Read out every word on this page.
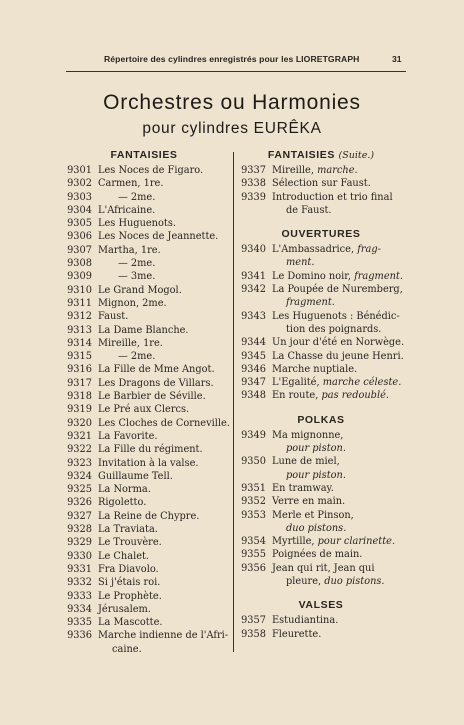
Répertoire des cylindres enregistrés pour les LIORETGRAPH	31
Orchestres ou Harmonies
pour cylindres EURÊKA
FANTAISIES
9301 Les Noces de Figaro.
9302 Carmen, 1re.
9303	— 2me.
9304 L'Africaine.
9305 Les Huguenots.
9306 Les Noces de Jeannette.
9307 Martha, 1re.
9308	— 2me.
9309	— 3me.
9310 Le Grand Mogol.
9311 Mignon, 2me.
9312 Faust.
9313 La Dame Blanche.
9314 Mireille, 1re.
9315	— 2me.
9316 La Fille de Mme Angot.
9317 Les Dragons de Villars.
9318 Le Barbier de Séville.
9319 Le Pré aux Clercs.
9320 Les Cloches de Corneville.
9321 La Favorite.
9322 La Fille du régiment.
9323 Invitation à la valse.
9324 Guillaume Tell.
9325 La Norma.
9326 Rigoletto.
9327 La Reine de Chypre.
9328 La Traviata.
9329 Le Trouvère.
9330 Le Chalet.
9331 Fra Diavolo.
9332 Si j'étais roi.
9333 Le Prophète.
9334 Jérusalem.
9335 La Mascotte.
9336 Marche indienne de l'Afri-
caine.
FANTAISIES (Suite.)
9337 Mireille, marche.
9338 Sélection sur Faust.
9339 Introduction et trio final
de Faust.
OUVERTURES
9340 L'Ambassadrice, frag-
ment.
9341 Le Domino noir, fragment.
9342 La Poupée de Nuremberg,
fragment.
9343 Les Huguenots : Bénédic-
tion des poignards.
9344 Un jour d'été en Norwège.
9345 La Chasse du jeune Henri.
9346 Marche nuptiale.
9347 L'Egalité, marche céleste.
9348 En route, pas redoublé.
POLKAS
9349 Ma mignonne,
pour piston.
9350 Lune de miel,
pour piston.
9351 En tramway.
9352 Verre en main.
9353 Merle et Pinson,
duo pistons.
9354 Myrtille, pour clarinette.
9355 Poignées de main.
9356 Jean qui rit, Jean qui
pleure, duo pistons.
VALSES
9357 Estudiantina.
9358 Fleurette.
